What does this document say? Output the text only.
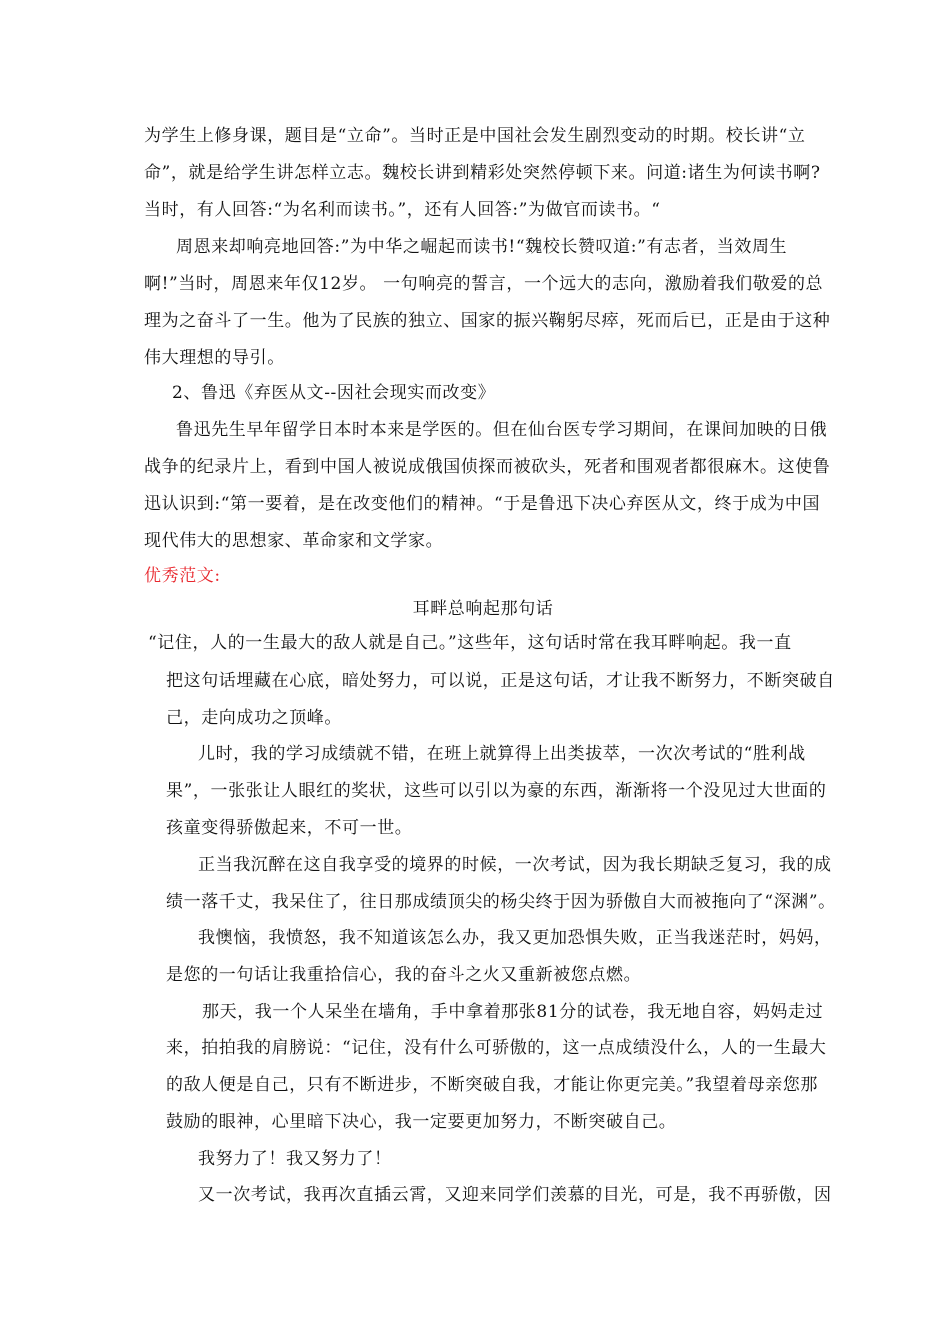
为学生上修身课，题目是“立命”。当时正是中国社会发生剧烈变动的时期。校长讲“立
命”，就是给学生讲怎样立志。魏校长讲到精彩处突然停顿下来。问道:诸生为何读书啊?
当时，有人回答:“为名利而读书。”，还有人回答:”为做官而读书。“
周恩来却响亮地回答:”为中华之崛起而读书!“魏校长赞叹道:”有志者，当效周生
啊!”当时，周恩来年仅12岁。 一句响亮的誓言，一个远大的志向，激励着我们敬爱的总
理为之奋斗了一生。他为了民族的独立、国家的振兴鞠躬尽瘁，死而后已，正是由于这种
伟大理想的导引。
2、鲁迅《弃医从文--因社会现实而改变》
鲁迅先生早年留学日本时本来是学医的。但在仙台医专学习期间，在课间加映的日俄
战争的纪录片上，看到中国人被说成俄国侦探而被砍头，死者和围观者都很麻木。这使鲁
迅认识到:“第一要着，是在改变他们的精神。“于是鲁迅下决心弃医从文，终于成为中国
现代伟大的思想家、革命家和文学家。
优秀范文:
耳畔总响起那句话
“记住，人的一生最大的敌人就是自己。”这些年，这句话时常在我耳畔响起。我一直
把这句话埋藏在心底，暗处努力，可以说，正是这句话，才让我不断努力，不断突破自
己，走向成功之顶峰。
儿时，我的学习成绩就不错，在班上就算得上出类拔萃，一次次考试的“胜利战
果”，一张张让人眼红的奖状，这些可以引以为豪的东西，渐渐将一个没见过大世面的
孩童变得骄傲起来，不可一世。
正当我沉醉在这自我享受的境界的时候，一次考试，因为我长期缺乏复习，我的成
绩一落千丈，我呆住了，往日那成绩顶尖的杨尖终于因为骄傲自大而被拖向了“深渊”。
我懊恼，我愤怒，我不知道该怎么办，我又更加恐惧失败，正当我迷茫时，妈妈，
是您的一句话让我重拾信心，我的奋斗之火又重新被您点燃。
那天，我一个人呆坐在墙角，手中拿着那张81分的试卷，我无地自容，妈妈走过
来，拍拍我的肩膀说：“记住，没有什么可骄傲的，这一点成绩没什么，人的一生最大
的敌人便是自己，只有不断进步，不断突破自我，才能让你更完美。”我望着母亲您那
鼓励的眼神，心里暗下决心，我一定要更加努力，不断突破自己。
我努力了！我又努力了！
又一次考试，我再次直插云霄，又迎来同学们羡慕的目光，可是，我不再骄傲，因
